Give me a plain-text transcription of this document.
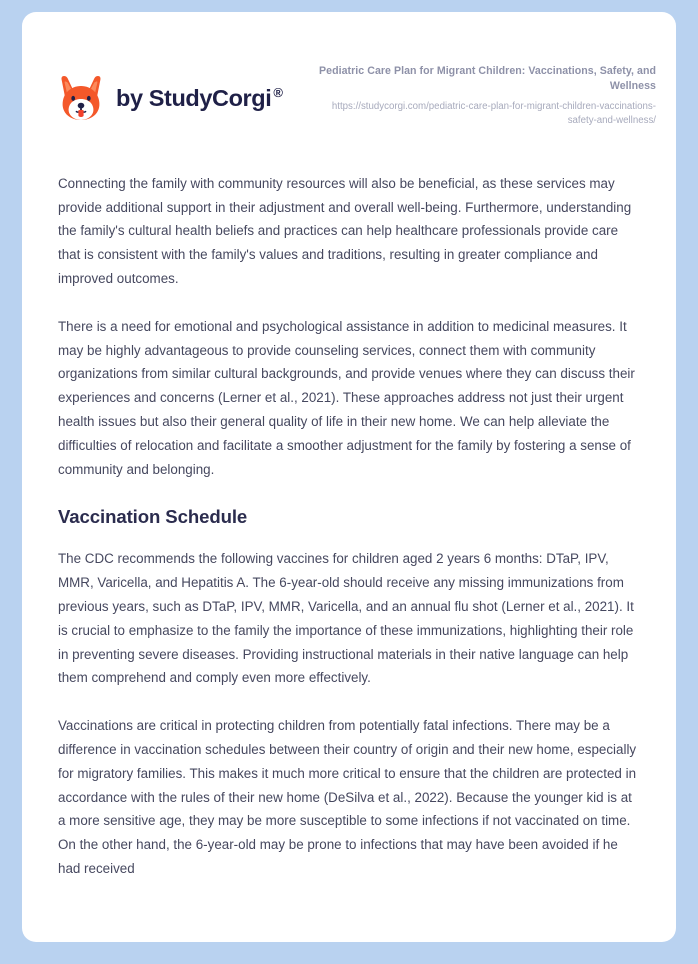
by StudyCorgi ®

Pediatric Care Plan for Migrant Children: Vaccinations, Safety, and Wellness

https://studycorgi.com/pediatric-care-plan-for-migrant-children-vaccinations-safety-and-wellness/

Connecting the family with community resources will also be beneficial, as these services may provide additional support in their adjustment and overall well-being. Furthermore, understanding the family's cultural health beliefs and practices can help healthcare professionals provide care that is consistent with the family's values and traditions, resulting in greater compliance and improved outcomes.

There is a need for emotional and psychological assistance in addition to medicinal measures. It may be highly advantageous to provide counseling services, connect them with community organizations from similar cultural backgrounds, and provide venues where they can discuss their experiences and concerns (Lerner et al., 2021). These approaches address not just their urgent health issues but also their general quality of life in their new home. We can help alleviate the difficulties of relocation and facilitate a smoother adjustment for the family by fostering a sense of community and belonging.

Vaccination Schedule

The CDC recommends the following vaccines for children aged 2 years 6 months: DTaP, IPV, MMR, Varicella, and Hepatitis A. The 6-year-old should receive any missing immunizations from previous years, such as DTaP, IPV, MMR, Varicella, and an annual flu shot (Lerner et al., 2021). It is crucial to emphasize to the family the importance of these immunizations, highlighting their role in preventing severe diseases. Providing instructional materials in their native language can help them comprehend and comply even more effectively.

Vaccinations are critical in protecting children from potentially fatal infections. There may be a difference in vaccination schedules between their country of origin and their new home, especially for migratory families. This makes it much more critical to ensure that the children are protected in accordance with the rules of their new home (DeSilva et al., 2022). Because the younger kid is at a more sensitive age, they may be more susceptible to some infections if not vaccinated on time. On the other hand, the 6-year-old may be prone to infections that may have been avoided if he had received
